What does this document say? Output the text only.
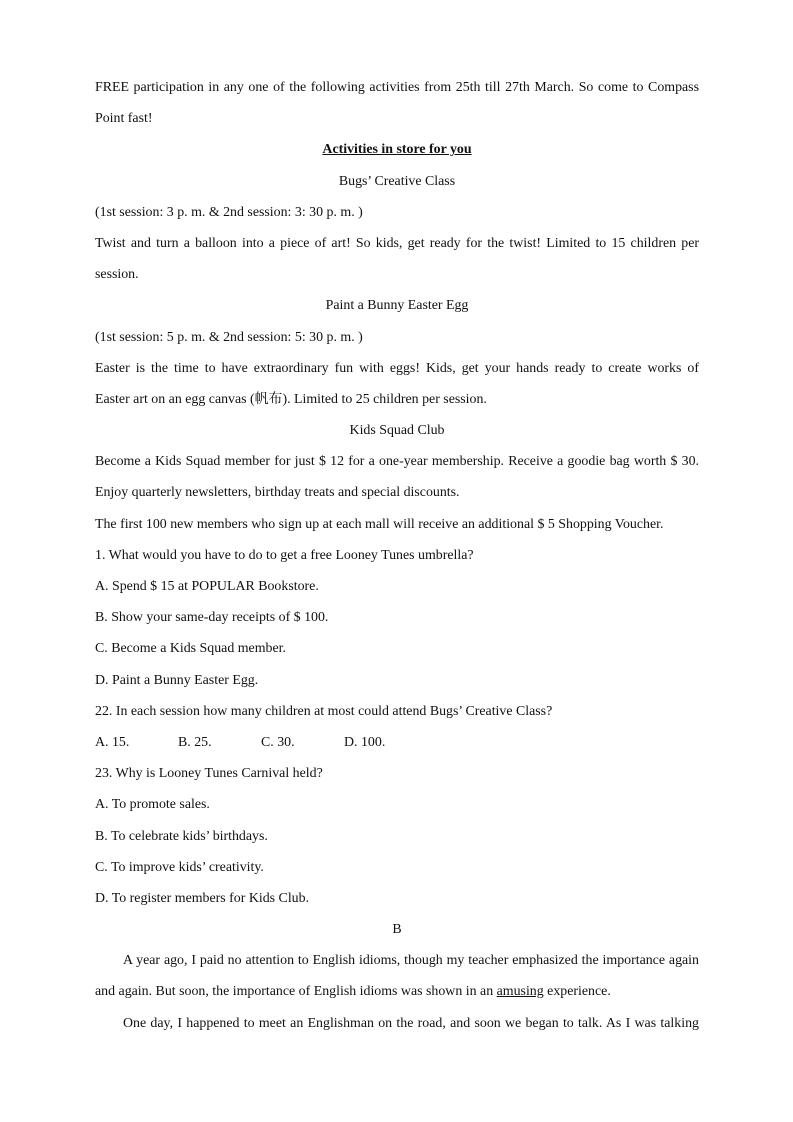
FREE participation in any one of the following activities from 25th till 27th March. So come to Compass
Point fast!
Activities in store for you
Bugs’ Creative Class
(1st session: 3 p. m. & 2nd session: 3: 30 p. m. )
Twist and turn a balloon into a piece of art! So kids, get ready for the twist! Limited to 15 children per
session.
Paint a Bunny Easter Egg
(1st session: 5 p. m. & 2nd session: 5: 30 p. m. )
Easter is the time to have extraordinary fun with eggs! Kids, get your hands ready to create works of
Easter art on an egg canvas (帆布). Limited to 25 children per session.
Kids Squad Club
Become a Kids Squad member for just $ 12 for a one-year membership. Receive a goodie bag worth $ 30.
Enjoy quarterly newsletters, birthday treats and special discounts.
The first 100 new members who sign up at each mall will receive an additional $ 5 Shopping Voucher.
1. What would you have to do to get a free Looney Tunes umbrella?
A. Spend $ 15 at POPULAR Bookstore.
B. Show your same-day receipts of $ 100.
C. Become a Kids Squad member.
D. Paint a Bunny Easter Egg.
22. In each session how many children at most could attend Bugs’ Creative Class?
A. 15.	B. 25.	C. 30.	D. 100.
23. Why is Looney Tunes Carnival held?
A. To promote sales.
B. To celebrate kids’ birthdays.
C. To improve kids’ creativity.
D. To register members for Kids Club.
B
A year ago, I paid no attention to English idioms, though my teacher emphasized the importance again
and again. But soon, the importance of English idioms was shown in an amusing experience.
One day, I happened to meet an Englishman on the road, and soon we began to talk. As I was talking
